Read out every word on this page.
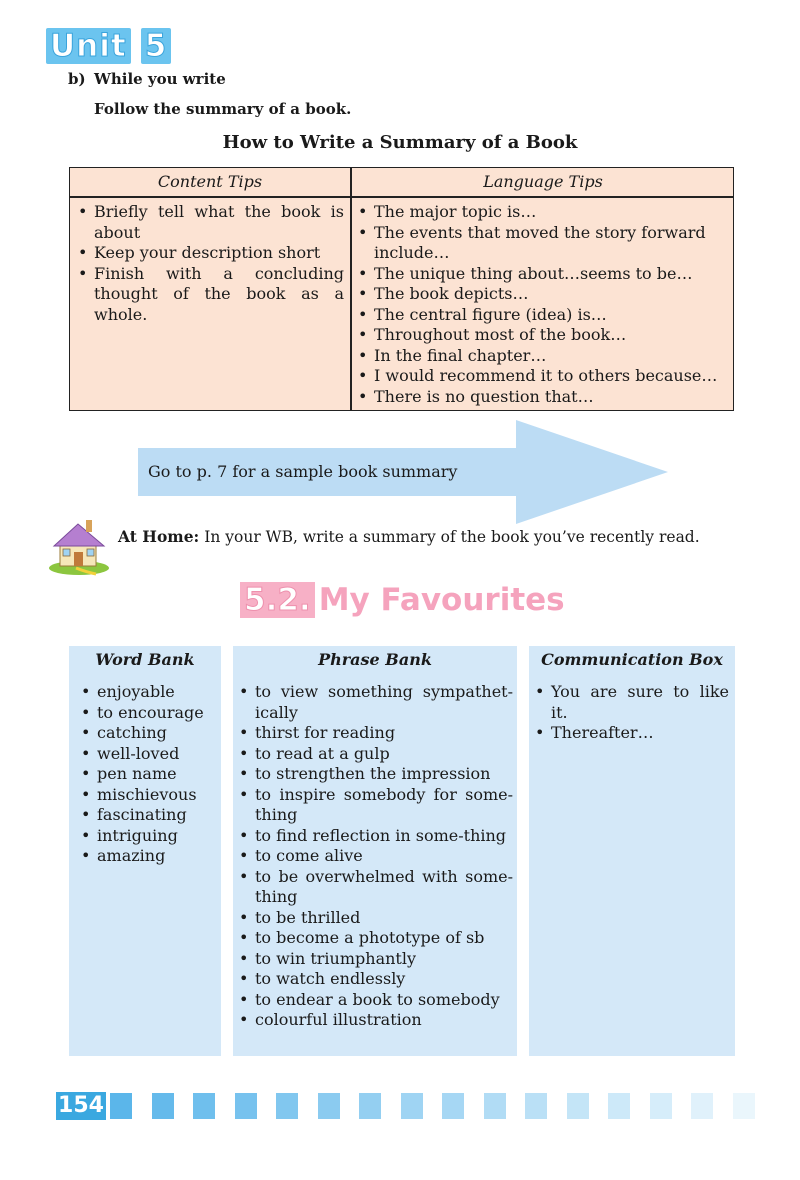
Unit 5
b) While you write
Follow the summary of a book.
How to Write a Summary of a Book
Content Tips	Language Tips
• Briefly tell what the book is about
• Keep your description short
• Finish with a concluding thought of the book as a whole.
• The major topic is…
• The events that moved the story forward include…
• The unique thing about…seems to be…
• The book depicts…
• The central figure (idea) is…
• Throughout most of the book…
• In the final chapter…
• I would recommend it to others because…
• There is no question that…
Go to p. 7 for a sample book summary
At Home: In your WB, write a summary of the book you’ve recently read.
5.2. My Favourites
Word Bank
• enjoyable
• to encourage
• catching
• well-loved
• pen name
• mischievous
• fascinating
• intriguing
• amazing
Phrase Bank
• to view something sympathet-ically
• thirst for reading
• to read at a gulp
• to strengthen the impression
• to inspire somebody for some-thing
• to find reflection in some-thing
• to come alive
• to be overwhelmed with some-thing
• to be thrilled
• to become a phototype of sb
• to win triumphantly
• to watch endlessly
• to endear a book to somebody
• colourful illustration
Communication Box
• You are sure to like it.
• Thereafter…
154
